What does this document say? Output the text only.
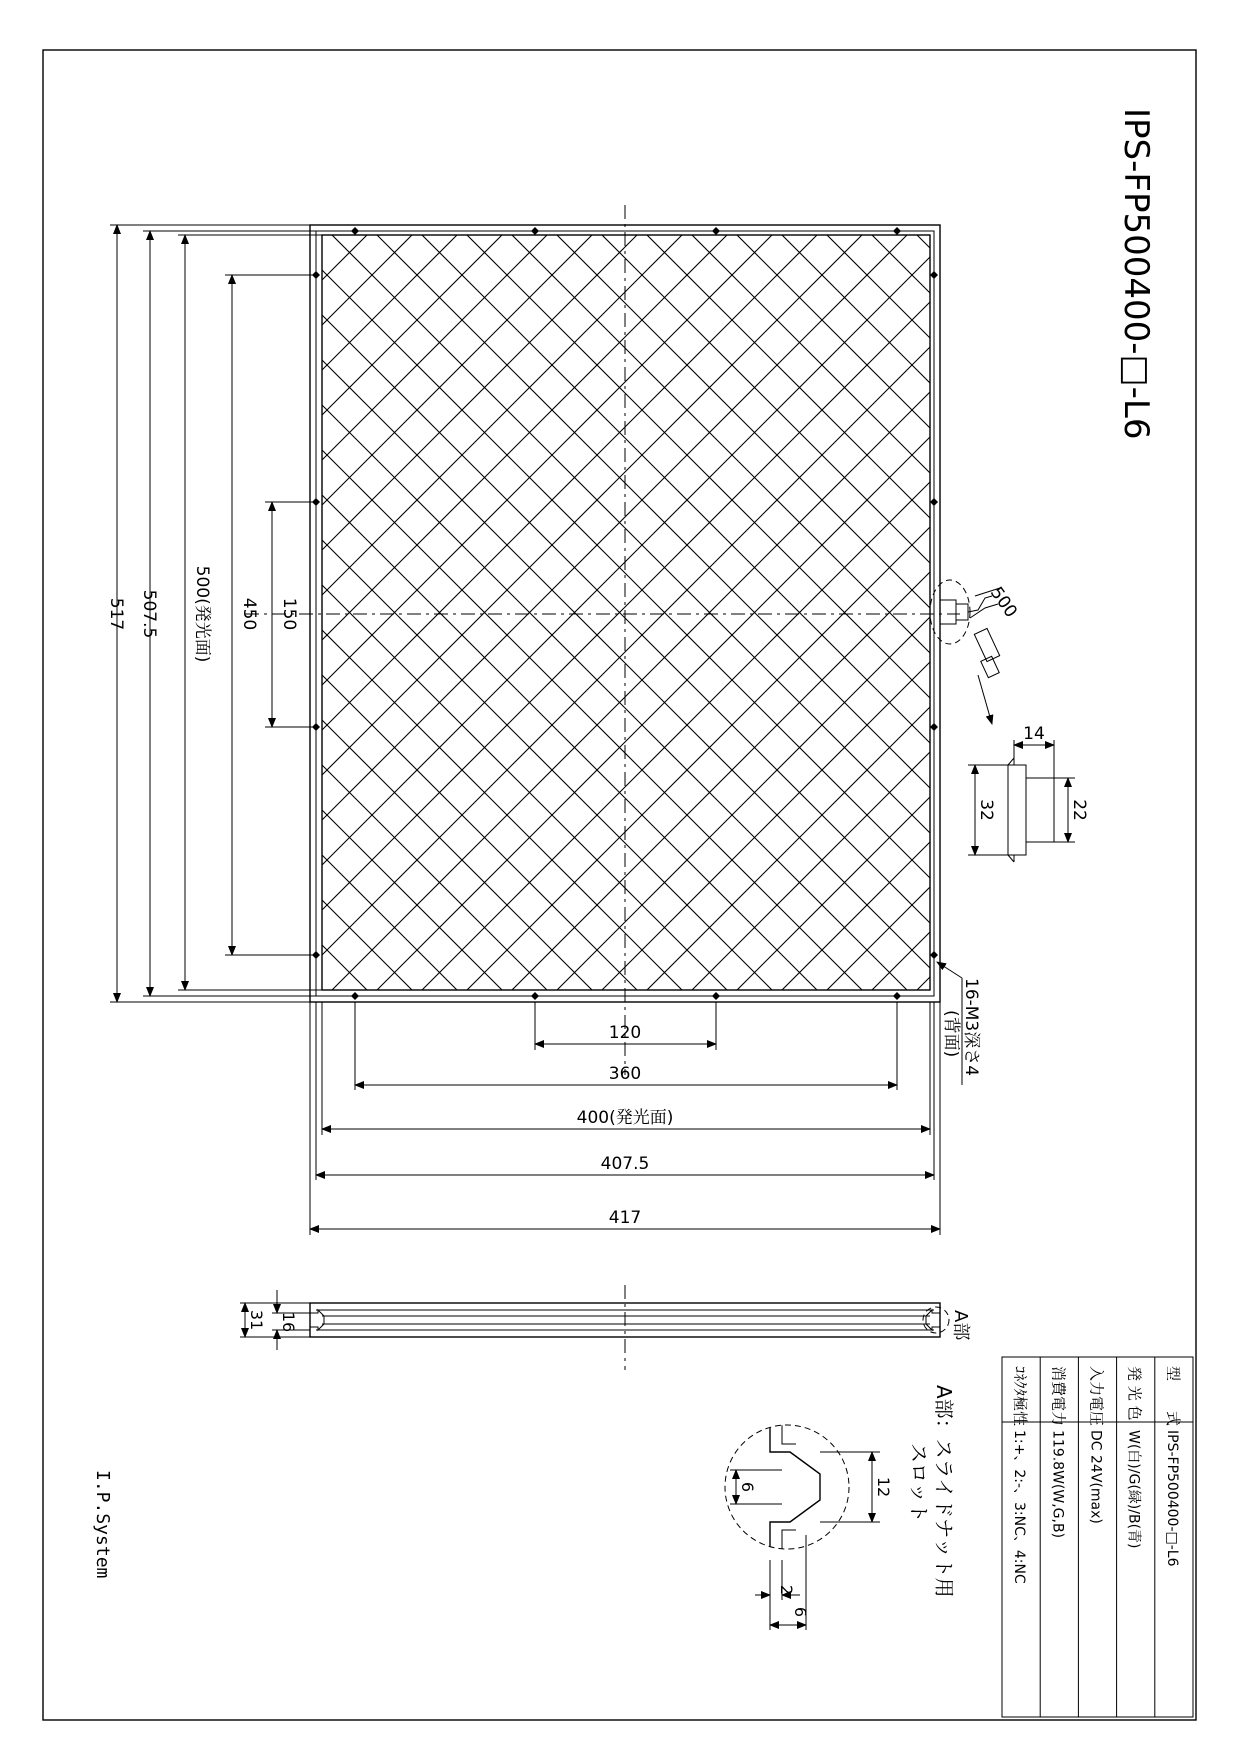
517 507.5 500(発光面) 450 150
120
360
400(発光面)
407.5
417
16-M3深さ4
(背面)
500
14
32	22
31 16	A部
12
6
2
6
A部：スライドナット用
スロット
IPS-FP500400-□-L6
型　　式
IPS-FP500400-□-L6
発 光 色
W(白)/G(緑)/B(青)
入力電圧
DC 24V(max)
消費電力
119.8W(W,G,B)
ｺﾈｸﾀ極性
1:+、2:-、3:NC、4:NC
I.P.System
